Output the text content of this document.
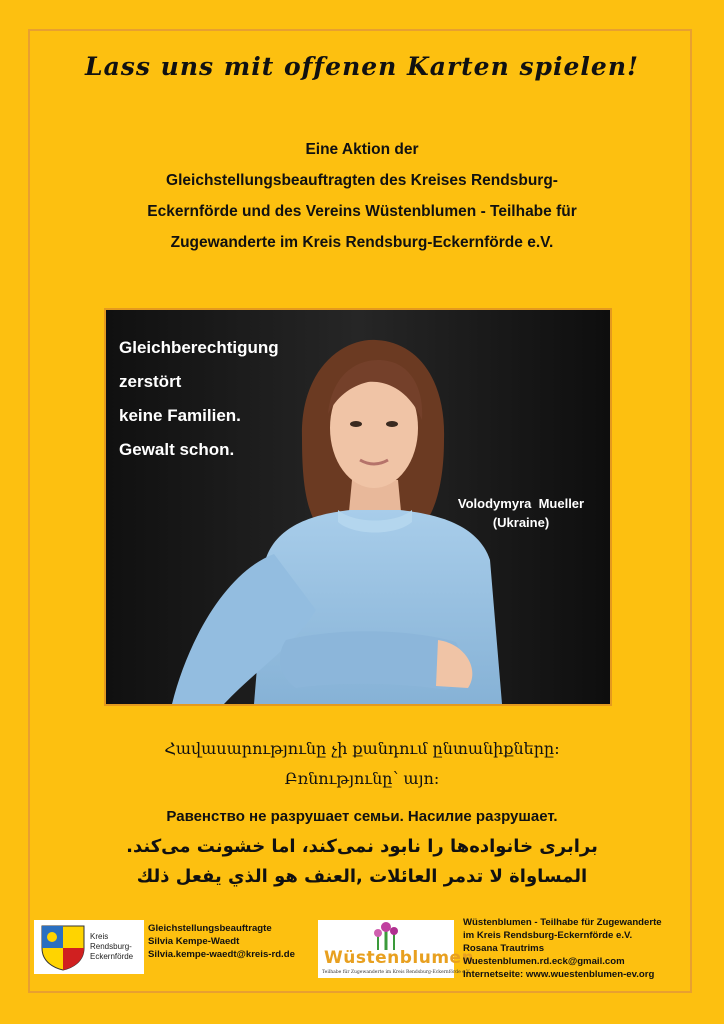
Lass uns mit offenen Karten spielen!
Eine Aktion der
Gleichstellungsbeauftragten des Kreises Rendsburg-
Eckernförde und des Vereins Wüstenblumen - Teilhabe für
Zugewanderte im Kreis Rendsburg-Eckernförde e.V.
Gleichberechtigung
zerstört
keine Familien.
Gewalt schon.
Volodymyra  Mueller
(Ukraine)
Հավասարությունը չի քանդում ընտանիքները։
Բռնությունը՝ այո։
Равенство не разрушает семьи. Насилие разрушает.
برابری خانواده‌ها را نابود نمی‌کند، اما خشونت می‌کند.
المساواة لا تدمر العائلات ,العنف هو الذي يفعل ذلك
Kreis
Rendsburg-
Eckernförde
Gleichstellungsbeauftragte
Silvia Kempe-Waedt
Silvia.kempe-waedt@kreis-rd.de Wüstenblumen
Teilhabe für Zugewanderte im Kreis Rendsburg-Eckernförde e.V.
Wüstenblumen - Teilhabe für Zugewanderte
im Kreis Rendsburg-Eckernförde e.V.
Rosana Trautrims
Wuestenblumen.rd.eck@gmail.com
Internetseite: www.wuestenblumen-ev.org
